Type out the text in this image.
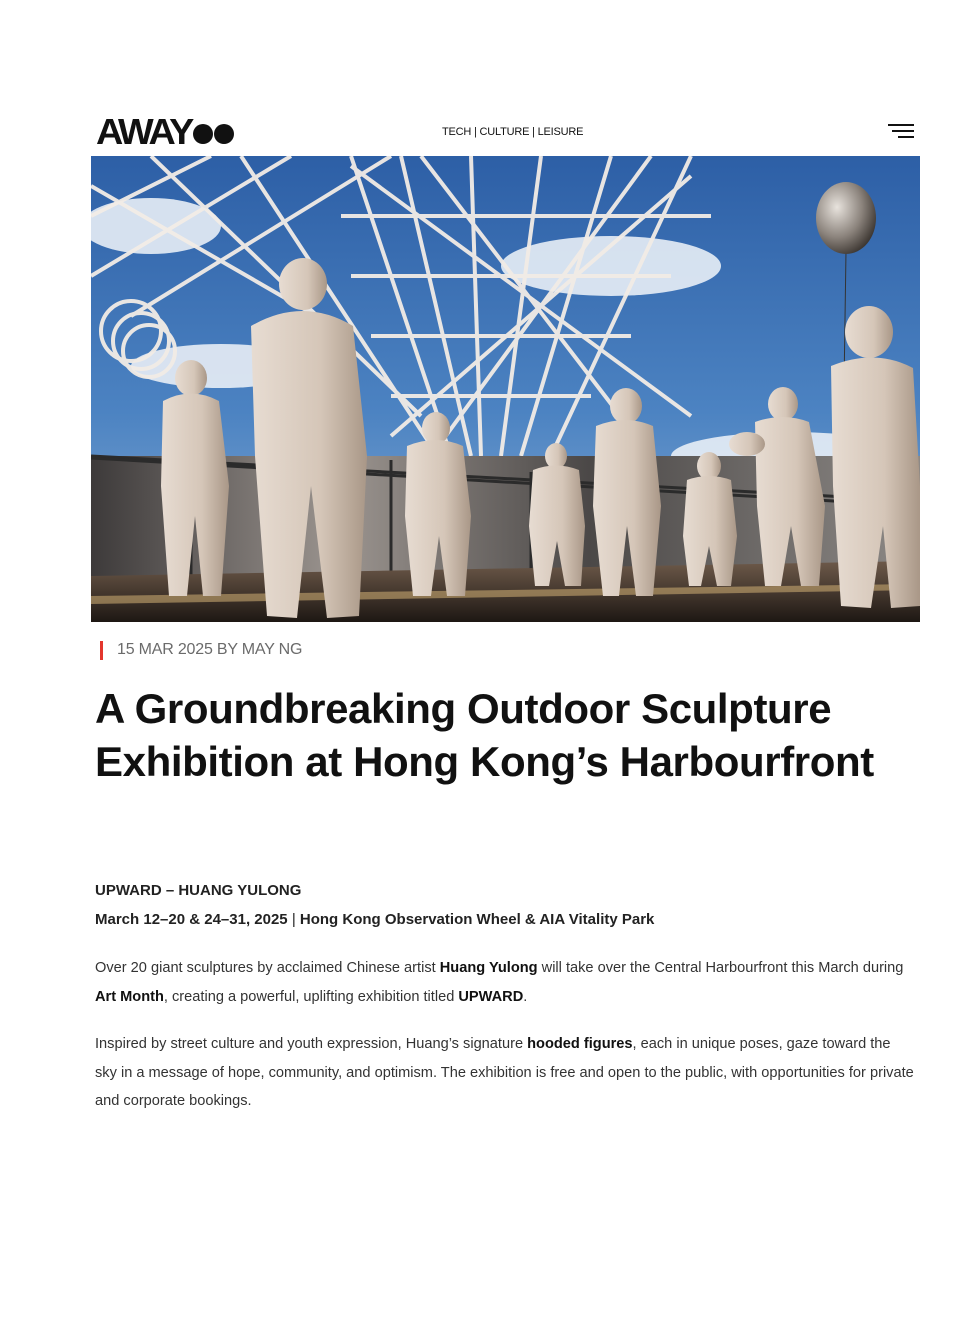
AWAY	TECH | CULTURE | LEISURE
15 MAR 2025 BY MAY NG
A Groundbreaking Outdoor Sculpture Exhibition at Hong Kong’s Harbourfront
UPWARD – HUANG YULONG
March 12–20 & 24–31, 2025 | Hong Kong Observation Wheel & AIA Vitality Park

Over 20 giant sculptures by acclaimed Chinese artist Huang Yulong will take over the Central Harbourfront this March during Art Month, creating a powerful, uplifting exhibition titled UPWARD.

Inspired by street culture and youth expression, Huang’s signature hooded figures, each in unique poses, gaze toward the sky in a message of hope, community, and optimism. The exhibition is free and open to the public, with opportunities for private and corporate bookings.
